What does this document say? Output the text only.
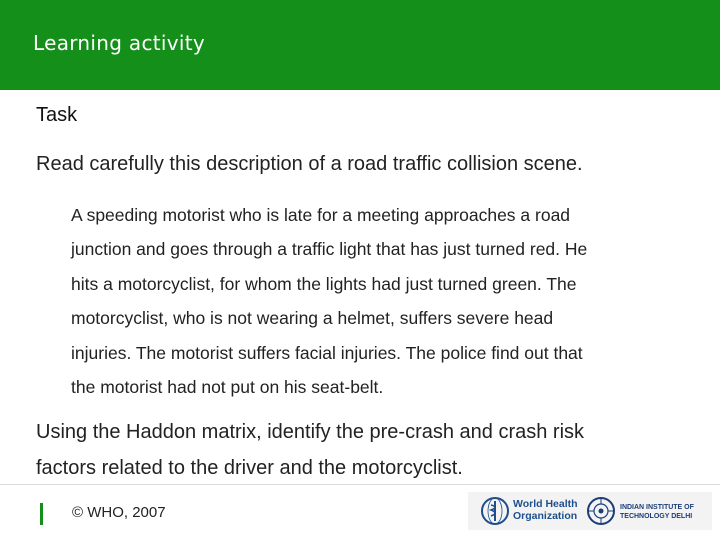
Learning activity
Task
Read carefully this description of a road traffic collision scene.
A speeding motorist who is late for a meeting approaches a road
junction and goes through a traffic light that has just turned red. He
hits a motorcyclist, for whom the lights had just turned green. The
motorcyclist, who is not wearing a helmet, suffers severe head
injuries. The motorist suffers facial injuries. The police find out that
the motorist had not put on his seat-belt.
Using the Haddon matrix, identify the pre-crash and crash risk
factors related to the driver and the motorcyclist.
© WHO, 2007	World Health
Organization
INDIAN INSTITUTE OF
TECHNOLOGY DELHI
